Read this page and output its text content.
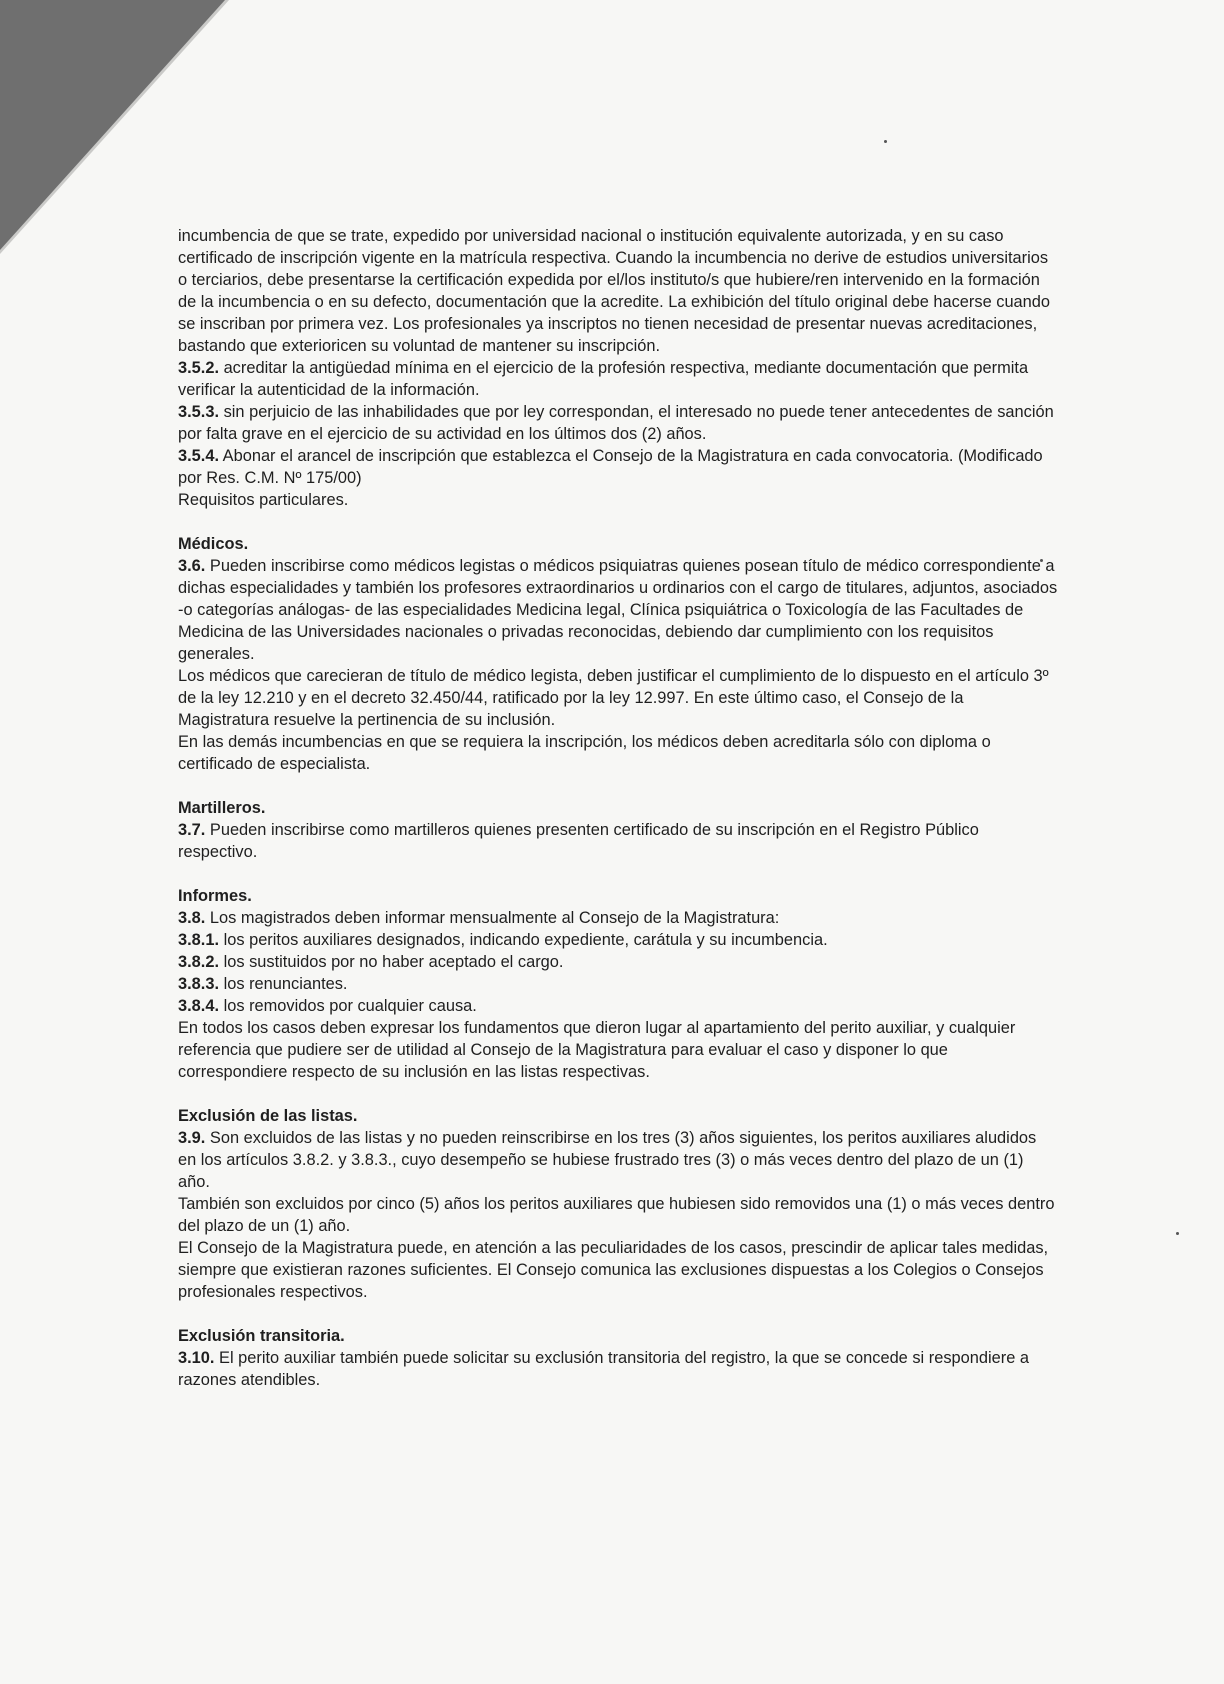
incumbencia de que se trate, expedido por universidad nacional o institución equivalente autorizada, y en su caso certificado de inscripción vigente en la matrícula respectiva. Cuando la incumbencia no derive de estudios universitarios o terciarios, debe presentarse la certificación expedida por el/los instituto/s que hubiere/ren intervenido en la formación de la incumbencia o en su defecto, documentación que la acredite. La exhibición del título original debe hacerse cuando se inscriban por primera vez. Los profesionales ya inscriptos no tienen necesidad de presentar nuevas acreditaciones, bastando que exterioricen su voluntad de mantener su inscripción.

3.5.2. acreditar la antigüedad mínima en el ejercicio de la profesión respectiva, mediante documentación que permita verificar la autenticidad de la información.

3.5.3. sin perjuicio de las inhabilidades que por ley correspondan, el interesado no puede tener antecedentes de sanción por falta grave en el ejercicio de su actividad en los últimos dos (2) años.

3.5.4. Abonar el arancel de inscripción que establezca el Consejo de la Magistratura en cada convocatoria. (Modificado por Res. C.M. Nº 175/00)

Requisitos particulares.

Médicos.

3.6. Pueden inscribirse como médicos legistas o médicos psiquiatras quienes posean título de médico correspondiente a dichas especialidades y también los profesores extraordinarios u ordinarios con el cargo de titulares, adjuntos, asociados -o categorías análogas- de las especialidades Medicina legal, Clínica psiquiátrica o Toxicología de las Facultades de Medicina de las Universidades nacionales o privadas reconocidas, debiendo dar cumplimiento con los requisitos generales.

Los médicos que carecieran de título de médico legista, deben justificar el cumplimiento de lo dispuesto en el artículo 3º de la ley 12.210 y en el decreto 32.450/44, ratificado por la ley 12.997. En este último caso, el Consejo de la Magistratura resuelve la pertinencia de su inclusión.

En las demás incumbencias en que se requiera la inscripción, los médicos deben acreditarla sólo con diploma o certificado de especialista.

Martilleros.

3.7. Pueden inscribirse como martilleros quienes presenten certificado de su inscripción en el Registro Público respectivo.

Informes.

3.8. Los magistrados deben informar mensualmente al Consejo de la Magistratura:

3.8.1. los peritos auxiliares designados, indicando expediente, carátula y su incumbencia.

3.8.2. los sustituidos por no haber aceptado el cargo.

3.8.3. los renunciantes.

3.8.4. los removidos por cualquier causa.

En todos los casos deben expresar los fundamentos que dieron lugar al apartamiento del perito auxiliar, y cualquier referencia que pudiere ser de utilidad al Consejo de la Magistratura para evaluar el caso y disponer lo que correspondiere respecto de su inclusión en las listas respectivas.

Exclusión de las listas.

3.9. Son excluidos de las listas y no pueden reinscribirse en los tres (3) años siguientes, los peritos auxiliares aludidos en los artículos 3.8.2. y 3.8.3., cuyo desempeño se hubiese frustrado tres (3) o más veces dentro del plazo de un (1) año.

También son excluidos por cinco (5) años los peritos auxiliares que hubiesen sido removidos una (1) o más veces dentro del plazo de un (1) año.

El Consejo de la Magistratura puede, en atención a las peculiaridades de los casos, prescindir de aplicar tales medidas, siempre que existieran razones suficientes. El Consejo comunica las exclusiones dispuestas a los Colegios o Consejos profesionales respectivos.

Exclusión transitoria.

3.10. El perito auxiliar también puede solicitar su exclusión transitoria del registro, la que se concede si respondiere a razones atendibles.
